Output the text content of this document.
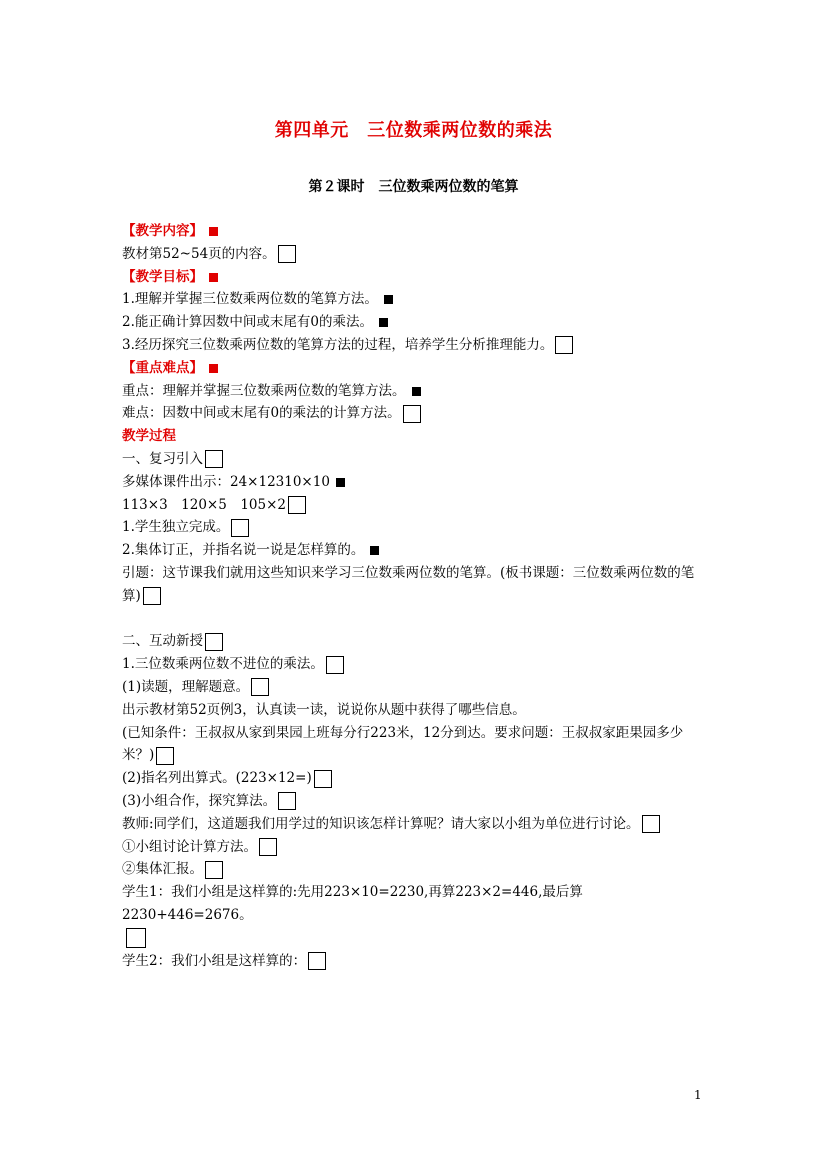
第四单元　三位数乘两位数的乘法
第２课时　三位数乘两位数的笔算
【教学内容】
教材第52~54页的内容。
【教学目标】
1.理解并掌握三位数乘两位数的笔算方法。
2.能正确计算因数中间或末尾有0的乘法。
3.经历探究三位数乘两位数的笔算方法的过程，培养学生分析推理能力。
【重点难点】
重点：理解并掌握三位数乘两位数的笔算方法。
难点：因数中间或末尾有0的乘法的计算方法。
教学过程
一、复习引入
多媒体课件出示：24×12310×10
113×3　120×5　105×2
1.学生独立完成。
2.集体订正，并指名说一说是怎样算的。
引题：这节课我们就用这些知识来学习三位数乘两位数的笔算。(板书课题：三位数乘两位数的笔算)
二、互动新授
1.三位数乘两位数不进位的乘法。
(1)读题，理解题意。
出示教材第52页例3，认真读一读，说说你从题中获得了哪些信息。
(已知条件：王叔叔从家到果园上班每分行223米，12分到达。要求问题：王叔叔家距果园多少米？)
(2)指名列出算式。(223×12=)
(3)小组合作，探究算法。
教师:同学们，这道题我们用学过的知识该怎样计算呢？请大家以小组为单位进行讨论。
①小组讨论计算方法。
②集体汇报。
学生1：我们小组是这样算的:先用223×10=2230,再算223×2=446,最后算2230+446=2676。

学生2：我们小组是这样算的：
1
